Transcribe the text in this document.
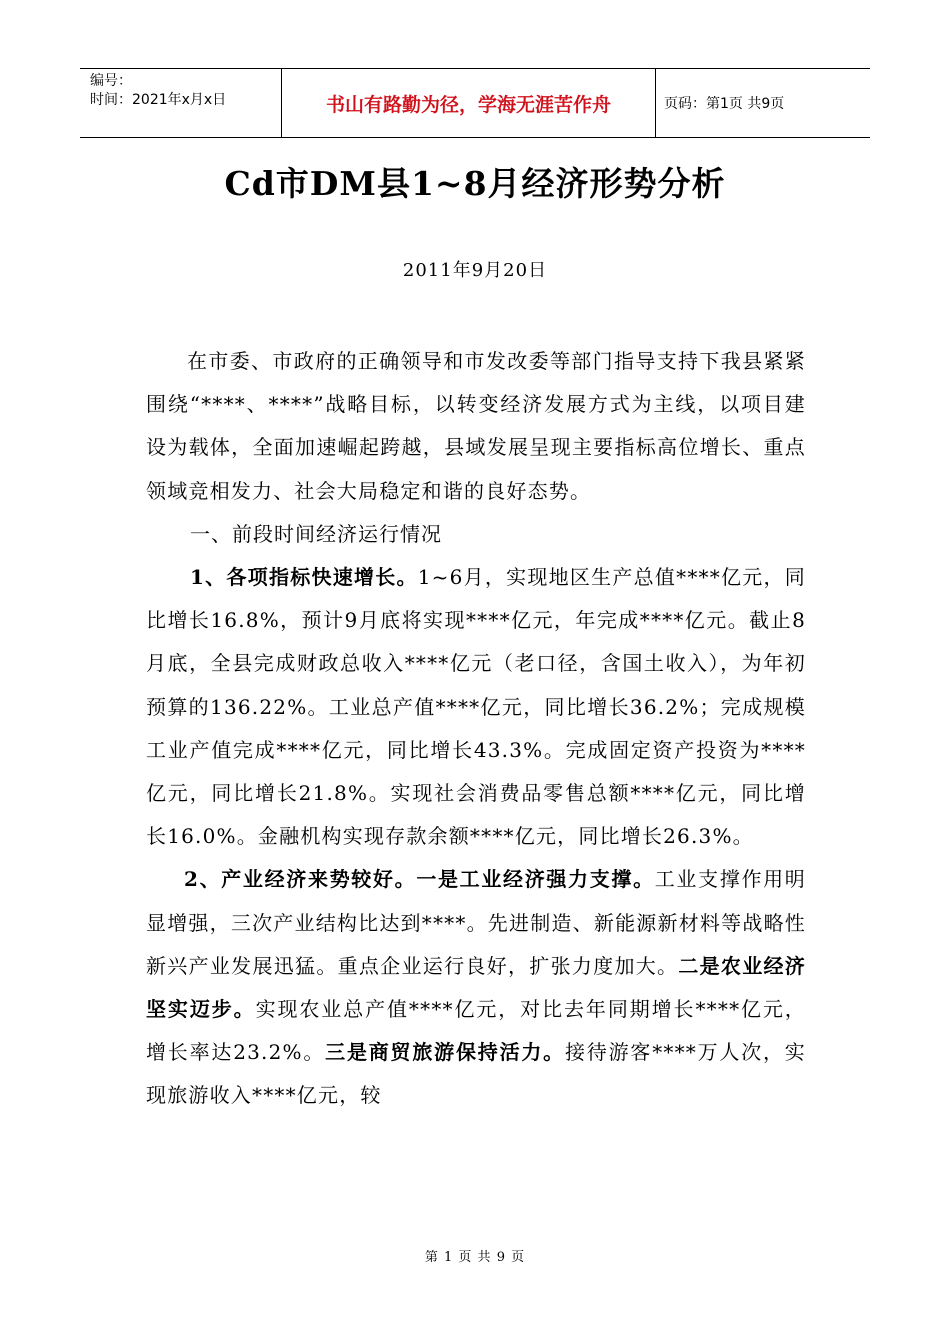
编号：
时间：2021年x月x日	书山有路勤为径，学海无涯苦作舟	页码：第1页 共9页
Cd市DM县1~8月经济形势分析
2011年9月20日

在市委、市政府的正确领导和市发改委等部门指导支持下我县紧紧围绕“****、****”战略目标，以转变经济发展方式为主线，以项目建设为载体，全面加速崛起跨越，县域发展呈现主要指标高位增长、重点领域竞相发力、社会大局稳定和谐的良好态势。

一、前段时间经济运行情况

1、各项指标快速增长。1~6月，实现地区生产总值****亿元，同比增长16.8%，预计9月底将实现****亿元，年完成****亿元。截止8月底，全县完成财政总收入****亿元（老口径，含国土收入），为年初预算的136.22%。工业总产值****亿元，同比增长36.2%；完成规模工业产值完成****亿元，同比增长43.3%。完成固定资产投资为****亿元，同比增长21.8%。实现社会消费品零售总额****亿元，同比增长16.0%。金融机构实现存款余额****亿元，同比增长26.3%。

2、产业经济来势较好。一是工业经济强力支撑。工业支撑作用明显增强，三次产业结构比达到****。先进制造、新能源新材料等战略性新兴产业发展迅猛。重点企业运行良好，扩张力度加大。二是农业经济坚实迈步。实现农业总产值****亿元，对比去年同期增长****亿元，增长率达23.2%。三是商贸旅游保持活力。接待游客****万人次，实现旅游收入****亿元，较

第 1 页 共 9 页
